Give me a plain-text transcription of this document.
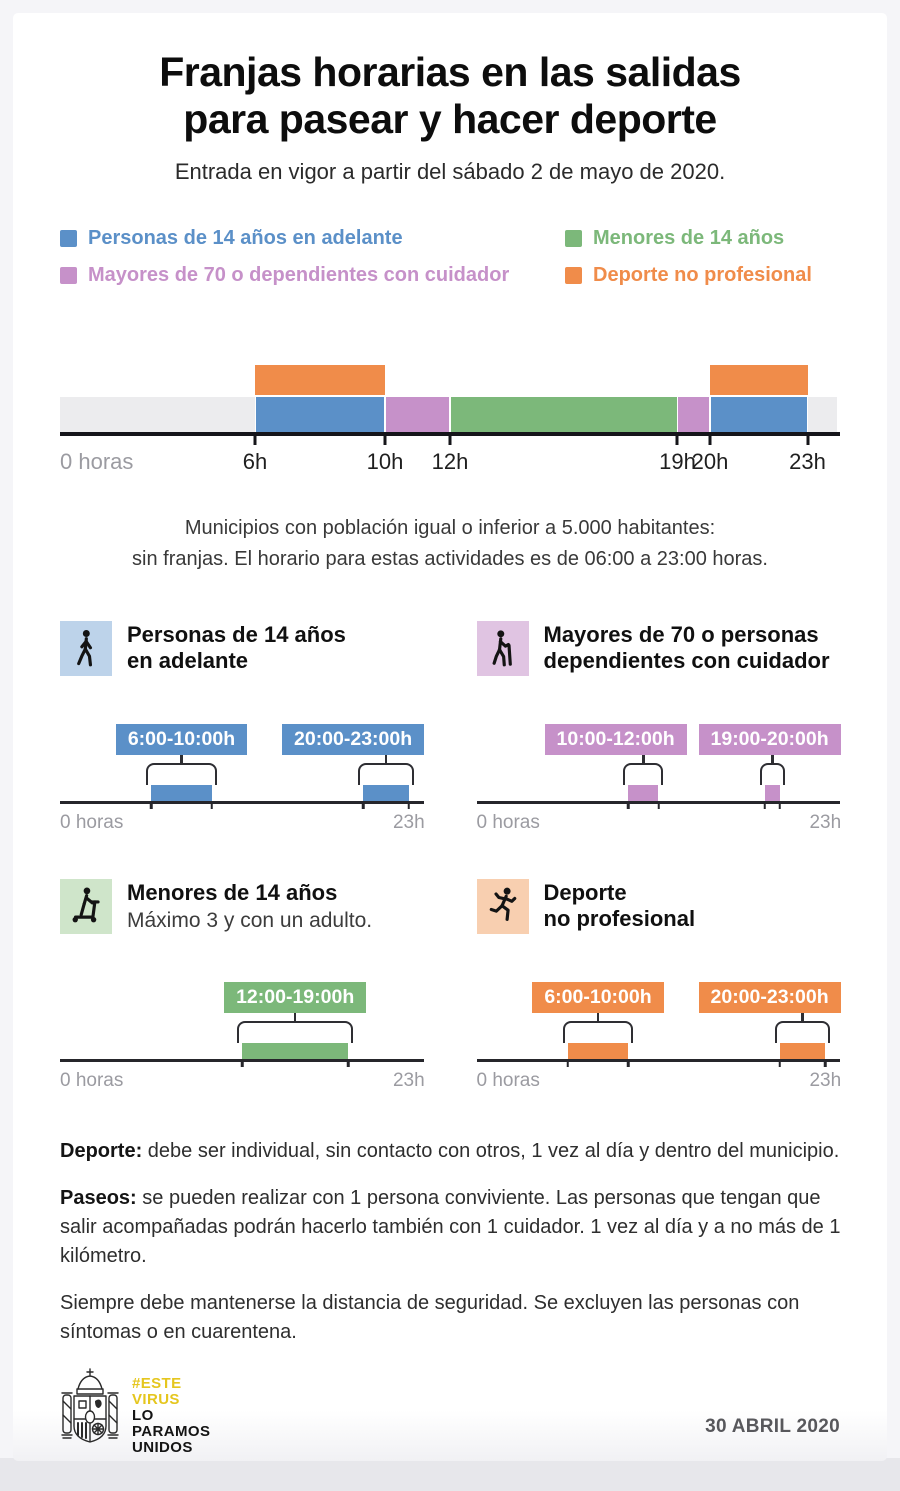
Franjas horarias en las salidas
para pasear y hacer deporte

Entrada en vigor a partir del sábado 2 de mayo de 2020.

Personas de 14 años en adelante	Menores de 14 años
Mayores de 70 o dependientes con cuidador	Deporte no profesional
0 horas	6h	10h 12h	19h
20h	23h

Municipios con población igual o inferior a 5.000 habitantes:
sin franjas. El horario para estas actividades es de 06:00 a 23:00 horas.

Personas de 14 años
en adelante
6:00-10:00h	20:00-23:00h
0 horas	23h
Mayores de 70 o personas
dependientes con cuidador
10:00-12:00h	19:00-20:00h
0 horas	23h
Menores de 14 años

Máximo 3 y con un adulto.

12:00-19:00h
0 horas	23h
Deporte
no profesional
6:00-10:00h	20:00-23:00h
0 horas	23h

Deporte: debe ser individual, sin contacto con otros, 1 vez al día y dentro del municipio.

Paseos: se pueden realizar con 1 persona conviviente. Las personas que tengan que salir acompañadas podrán hacerlo también con 1 cuidador. 1 vez al día y a no más de 1 kilómetro.

Siempre debe mantenerse la distancia de seguridad. Se excluyen las personas con síntomas o en cuarentena.

#ESTE
VIRUS
LO
PARAMOS
UNIDOS
30 ABRIL 2020
